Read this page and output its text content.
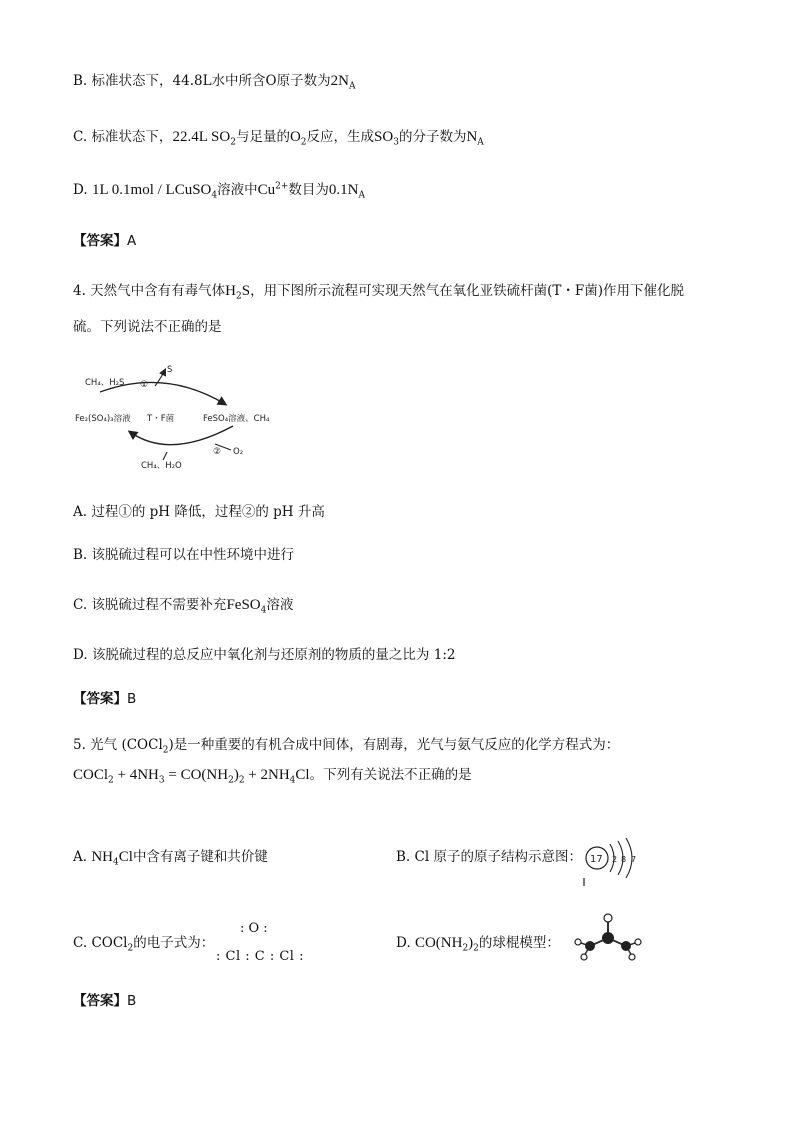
B. 标准状态下，44.8L水中所含O原子数为$2N_A$
C. 标准状态下，22.4L $SO_2$与足量的$O_2$反应，生成$SO_3$的分子数为$N_A$
D. 1L 0.1mol / LCuSO$_4$溶液中$Cu^{2+}$数目为$0.1N_A$
【答案】A
4. 天然气中含有有毒气体$H_2S$，用下图所示流程可实现天然气在氧化亚铁硫杆菌(T・F菌)作用下催化脱
硫。下列说法不正确的是
CH₄、H₂S ①
S
Fe₂(SO₄)₃溶液 T・F菌	FeSO₄溶液、CH₄
② O₂
CH₄、H₂O
A. 过程①的 pH 降低，过程②的 pH 升高
B. 该脱硫过程可以在中性环境中进行
C. 该脱硫过程不需要补充FeSO$_4$溶液
D. 该脱硫过程的总反应中氧化剂与还原剂的物质的量之比为 1:2
【答案】B
5. 光气 (COCl$_2$)是一种重要的有机合成中间体，有剧毒，光气与氨气反应的化学方程式为：
COCl$_2$ + $4NH_3 = CO(NH_2)_2 + 2NH_4Cl$。下列有关说法不正确的是
A. $NH_4Cl$中含有离子键和共价键	B. Cl 原子的原子结构示意图： 17 2 8 7
C. COCl$_2$的电子式为：
: O :
: Cl : C : Cl :
D. $CO(NH_2)_2$的球棍模型：
【答案】B
